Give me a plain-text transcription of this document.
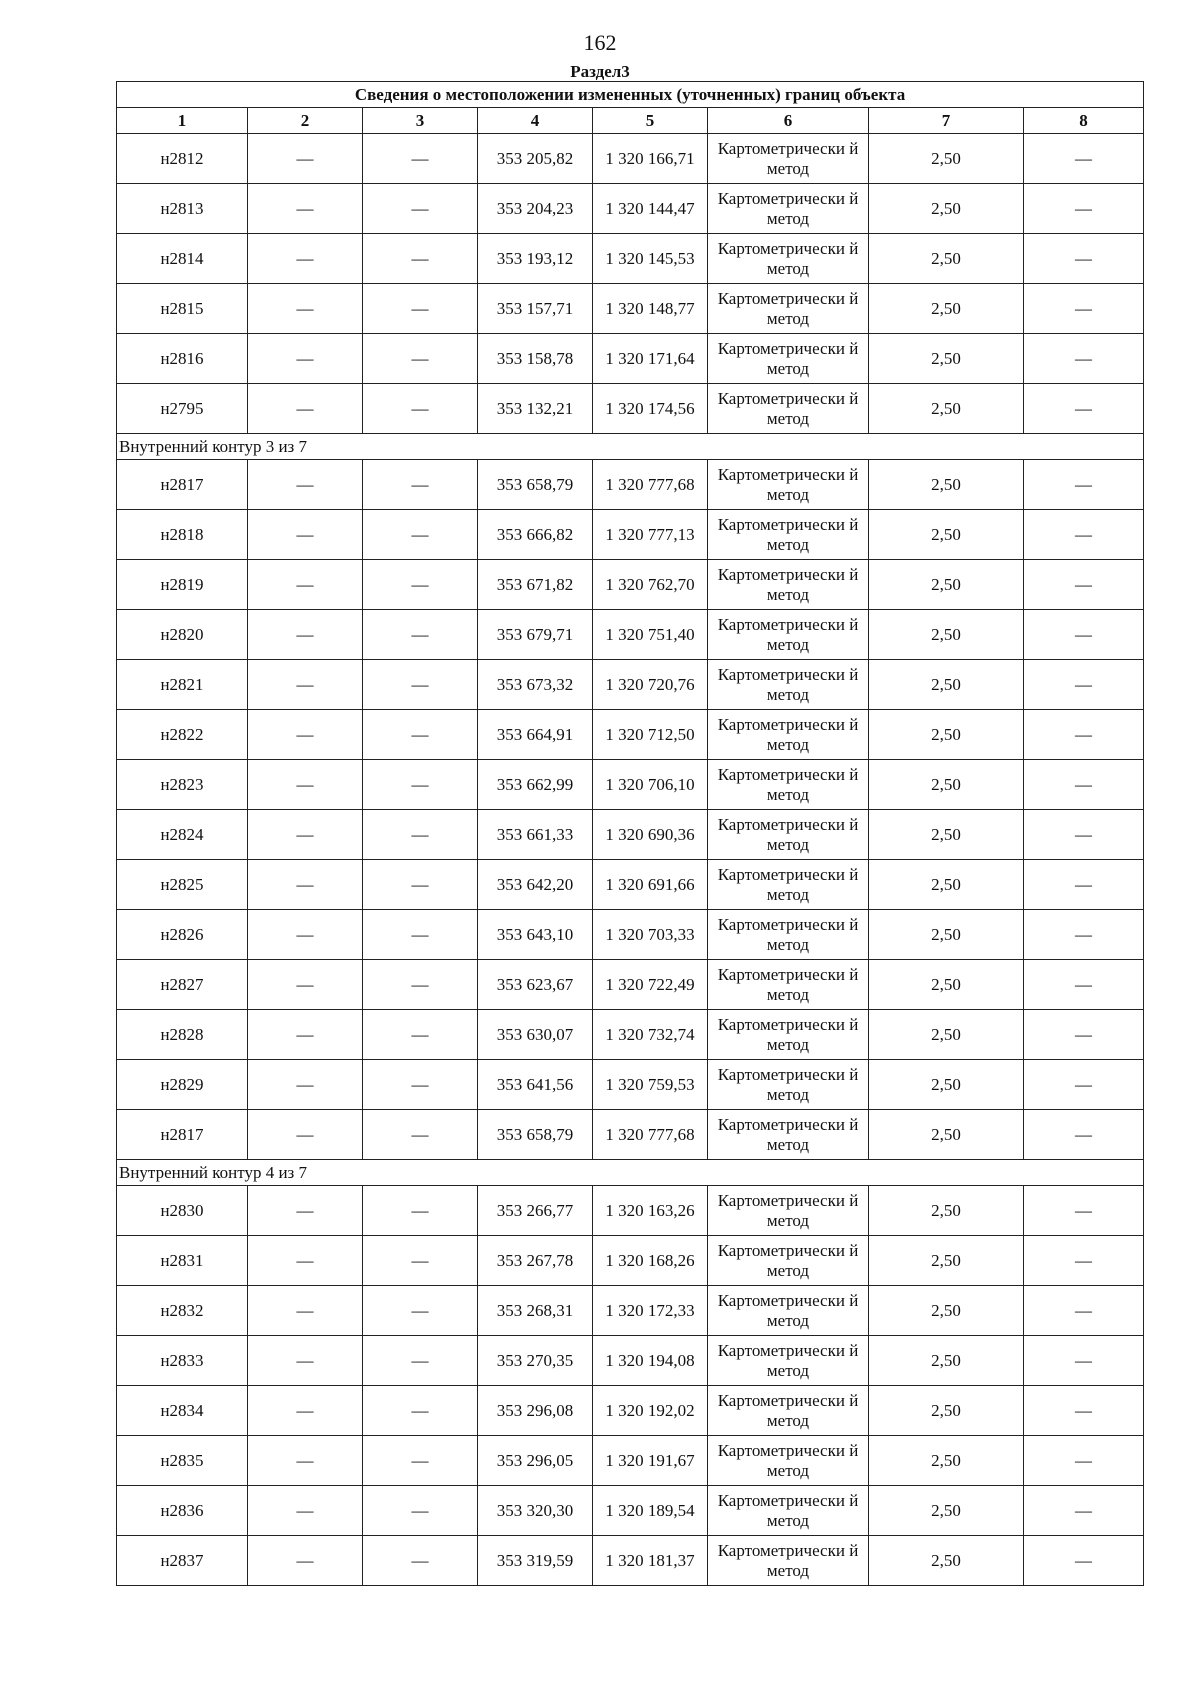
162
Раздел3
Сведения о местоположении измененных (уточненных) границ объекта							
1	2	3	4	5	6	7	8
н2812	—	—	353 205,82	1 320 166,71	Картометрически й метод	2,50	—
н2813	—	—	353 204,23	1 320 144,47	Картометрически й метод	2,50	—
н2814	—	—	353 193,12	1 320 145,53	Картометрически й метод	2,50	—
н2815	—	—	353 157,71	1 320 148,77	Картометрически й метод	2,50	—
н2816	—	—	353 158,78	1 320 171,64	Картометрически й метод	2,50	—
н2795	—	—	353 132,21	1 320 174,56	Картометрически й метод	2,50	—
Внутренний контур 3 из 7							
н2817	—	—	353 658,79	1 320 777,68	Картометрически й метод	2,50	—
н2818	—	—	353 666,82	1 320 777,13	Картометрически й метод	2,50	—
н2819	—	—	353 671,82	1 320 762,70	Картометрически й метод	2,50	—
н2820	—	—	353 679,71	1 320 751,40	Картометрически й метод	2,50	—
н2821	—	—	353 673,32	1 320 720,76	Картометрически й метод	2,50	—
н2822	—	—	353 664,91	1 320 712,50	Картометрически й метод	2,50	—
н2823	—	—	353 662,99	1 320 706,10	Картометрически й метод	2,50	—
н2824	—	—	353 661,33	1 320 690,36	Картометрически й метод	2,50	—
н2825	—	—	353 642,20	1 320 691,66	Картометрически й метод	2,50	—
н2826	—	—	353 643,10	1 320 703,33	Картометрически й метод	2,50	—
н2827	—	—	353 623,67	1 320 722,49	Картометрически й метод	2,50	—
н2828	—	—	353 630,07	1 320 732,74	Картометрически й метод	2,50	—
н2829	—	—	353 641,56	1 320 759,53	Картометрически й метод	2,50	—
н2817	—	—	353 658,79	1 320 777,68	Картометрически й метод	2,50	—
Внутренний контур 4 из 7							
н2830	—	—	353 266,77	1 320 163,26	Картометрически й метод	2,50	—
н2831	—	—	353 267,78	1 320 168,26	Картометрически й метод	2,50	—
н2832	—	—	353 268,31	1 320 172,33	Картометрически й метод	2,50	—
н2833	—	—	353 270,35	1 320 194,08	Картометрически й метод	2,50	—
н2834	—	—	353 296,08	1 320 192,02	Картометрически й метод	2,50	—
н2835	—	—	353 296,05	1 320 191,67	Картометрически й метод	2,50	—
н2836	—	—	353 320,30	1 320 189,54	Картометрически й метод	2,50	—
н2837	—	—	353 319,59	1 320 181,37	Картометрически й метод	2,50	—
